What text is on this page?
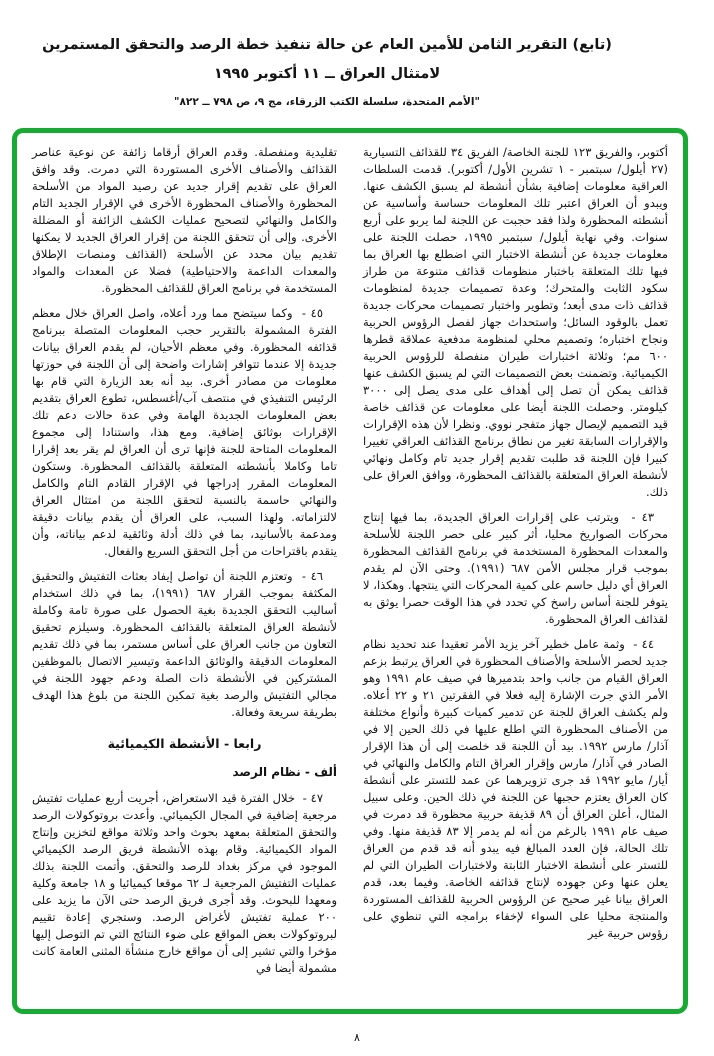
(تابع) التقرير الثامن للأمين العام عن حالة تنفيذ خطة الرصد والتحقق المستمرين

لامتثال العراق ــ ١١ أكتوبر ١٩٩٥

"الأمم المتحدة، سلسلة الكتب الزرقاء، مج ٩، ص ٧٩٨ ــ ٨٢٢"

أكتوبر، والفريق ١٢٣ للجنة الخاصة/ الفريق ٣٤ للقذائف التسيارية (٢٧ أيلول/ سبتمبر - ١ تشرين الأول/ أكتوبر). قدمت السلطات العراقية معلومات إضافية بشأن أنشطة لم يسبق الكشف عنها. ويبدو أن العراق اعتبر تلك المعلومات حساسة وأساسية عن أنشطته المحظورة ولذا فقد حجبت عن اللجنة لما يربو على أربع سنوات. وفي نهاية أيلول/ سبتمبر ١٩٩٥، حصلت اللجنة على معلومات جديدة عن أنشطة الاختبار التي اضطلع بها العراق بما فيها تلك المتعلقة باختبار منظومات قذائف متنوعة من طراز سكود الثابت والمتحرك؛ وعدة تصميمات جديدة لمنظومات قذائف ذات مدى أبعد؛ وتطوير واختبار تصميمات محركات جديدة تعمل بالوقود السائل؛ واستحداث جهاز لفصل الرؤوس الحربية ونجاح اختباره؛ وتصميم محلي لمنظومة مدفعية عملاقة قطرها ٦٠٠ مم؛ وثلاثة اختبارات طيران منفصلة للرؤوس الحربية الكيميائية. وتضمنت بعض التصميمات التي لم يسبق الكشف عنها قذائف يمكن أن تصل إلى أهداف على مدى يصل إلى ٣٠٠٠ كيلومتر. وحصلت اللجنة أيضا على معلومات عن قذائف خاصة قيد التصميم لإيصال جهاز متفجر نووي. ونظرا لأن هذه الإقرارات والإقرارات السابقة تغير من نطاق برنامج القذائف العراقي تغييرا كبيرا فإن اللجنة قد طلبت تقديم إقرار جديد تام وكامل ونهائي لأنشطة العراق المتعلقة بالقذائف المحظورة، ووافق العراق على ذلك.

٤٣ -  ويترتب على إقرارات العراق الجديدة، بما فيها إنتاج محركات الصواريخ محليا، أثر كبير على حصر اللجنة للأسلحة والمعدات المحظورة المستخدمة في برنامج القذائف المحظورة بموجب قرار مجلس الأمن ٦٨٧ (١٩٩١). وحتى الآن لم يقدم العراق أي دليل حاسم على كمية المحركات التي ينتجها. وهكذا، لا يتوفر للجنة أساس راسخ كي تحدد في هذا الوقت حصرا يوثق به لقذائف العراق المحظورة.

٤٤ -  وثمة عامل خطير آخر يزيد الأمر تعقيدا عند تحديد نظام جديد لحصر الأسلحة والأصناف المحظورة في العراق يرتبط بزعم العراق القيام من جانب واحد بتدميرها في صيف عام ١٩٩١ وهو الأمر الذي جرت الإشارة إليه فعلا في الفقرتين ٢١ و ٢٢ أعلاه. ولم يكشف العراق للجنة عن تدمير كميات كبيرة وأنواع مختلفة من الأصناف المحظورة التي اطلع عليها في ذلك الحين إلا في آذار/ مارس ١٩٩٢. بيد أن اللجنة قد خلصت إلى أن هذا الإقرار الصادر في آذار/ مارس وإقرار العراق التام والكامل والنهائي في أيار/ مايو ١٩٩٢ قد جرى تزويرهما عن عمد للتستر على أنشطة كان العراق يعتزم حجبها عن اللجنة في ذلك الحين. وعلى سبيل المثال، أعلن العراق أن ٨٩ قذيفة حربية محظورة قد دمرت في صيف عام ١٩٩١ بالرغم من أنه لم يدمر إلا ٨٣ قذيفة منها. وفي تلك الحالة، فإن العدد المبالغ فيه يبدو أنه قد قدم من العراق للتستر على أنشطة الاختبار الثابتة ولاختبارات الطيران التي لم يعلن عنها وعن جهوده لإنتاج قذائفه الخاصة. وفيما بعد، قدم العراق بيانا غير صحيح عن الرؤوس الحربية للقذائف المستوردة والمنتجة محليا على السواء لإخفاء برامجه التي تنطوي على رؤوس حربية غير

تقليدية ومنفصلة. وقدم العراق أرقاما زائفة عن نوعية عناصر القذائف والأصناف الأخرى المستوردة التي دمرت. وقد وافق العراق على تقديم إقرار جديد عن رصيد المواد من الأسلحة المحظورة والأصناف المحظورة الأخرى في الإقرار الجديد التام والكامل والنهائي لتصحيح عمليات الكشف الزائفة أو المضللة الأخرى. وإلى أن تتحقق اللجنة من إقرار العراق الجديد لا يمكنها تقديم بيان محدد عن الأسلحة (القذائف ومنصات الإطلاق والمعدات الداعمة والاحتياطية) فضلا عن المعدات والمواد المستخدمة في برنامج العراق للقذائف المحظورة.

٤٥ -  وكما سيتضح مما ورد أعلاه، واصل العراق خلال معظم الفترة المشمولة بالتقرير حجب المعلومات المتصلة ببرنامج قذائفه المحظورة. وفي معظم الأحيان، لم يقدم العراق بيانات جديدة إلا عندما تتوافر إشارات واضحة إلى أن اللجنة في حوزتها معلومات من مصادر أخرى. بيد أنه بعد الزيارة التي قام بها الرئيس التنفيذي في منتصف آب/أغسطس، تطوع العراق بتقديم بعض المعلومات الجديدة الهامة وفي عدة حالات دعم تلك الإقرارات بوثائق إضافية. ومع هذا، واستنادا إلى مجموع المعلومات المتاحة للجنة فإنها ترى أن العراق لم يقر بعد إقرارا تاما وكاملا بأنشطته المتعلقة بالقذائف المحظورة. وستكون المعلومات المقرر إدراجها في الإقرار القادم التام والكامل والنهائي حاسمة بالنسبة لتحقق اللجنة من امتثال العراق لالتزاماته. ولهذا السبب، على العراق أن يقدم بيانات دقيقة ومدعمة بالأسانيد، بما في ذلك أدلة وثائقية لدعم بياناته، وأن يتقدم باقتراحات من أجل التحقق السريع والفعال.

٤٦ -  وتعتزم اللجنة أن تواصل إيفاد بعثات التفتيش والتحقيق المكثفة بموجب القرار ٦٨٧ (١٩٩١)، بما في ذلك استخدام أساليب التحقق الجديدة بغية الحصول على صورة تامة وكاملة لأنشطة العراق المتعلقة بالقذائف المحظورة. وسيلزم تحقيق التعاون من جانب العراق على أساس مستمر، بما في ذلك تقديم المعلومات الدقيقة والوثائق الداعمة وتيسير الاتصال بالموظفين المشتركين في الأنشطة ذات الصلة ودعم جهود اللجنة في مجالي التفتيش والرصد بغية تمكين اللجنة من بلوغ هذا الهدف بطريقة سريعة وفعالة.

رابعا - الأنشطة الكيميائية
ألف - نظام الرصد

٤٧ -  خلال الفترة قيد الاستعراض، أجريت أربع عمليات تفتيش مرجعية إضافية في المجال الكيميائي. وأعدت بروتوكولات الرصد والتحقق المتعلقة بمعهد بحوث واحد وثلاثة مواقع لتخزين وإنتاج المواد الكيميائية. وقام بهذه الأنشطة فريق الرصد الكيميائي الموجود في مركز بغداد للرصد والتحقق. وأتمت اللجنة بذلك عمليات التفتيش المرجعية لـ ٦٢ موقعا كيميائيا و ١٨ جامعة وكلية ومعهدا للبحوث. وقد أجرى فريق الرصد حتى الآن ما يزيد على ٢٠٠ عملية تفتيش لأغراض الرصد. وستجري إعادة تقييم لبروتوكولات بعض المواقع على ضوء النتائج التي تم التوصل إليها مؤخرا والتي تشير إلى أن مواقع خارج منشأة المثنى العامة كانت مشمولة أيضا في

٨
